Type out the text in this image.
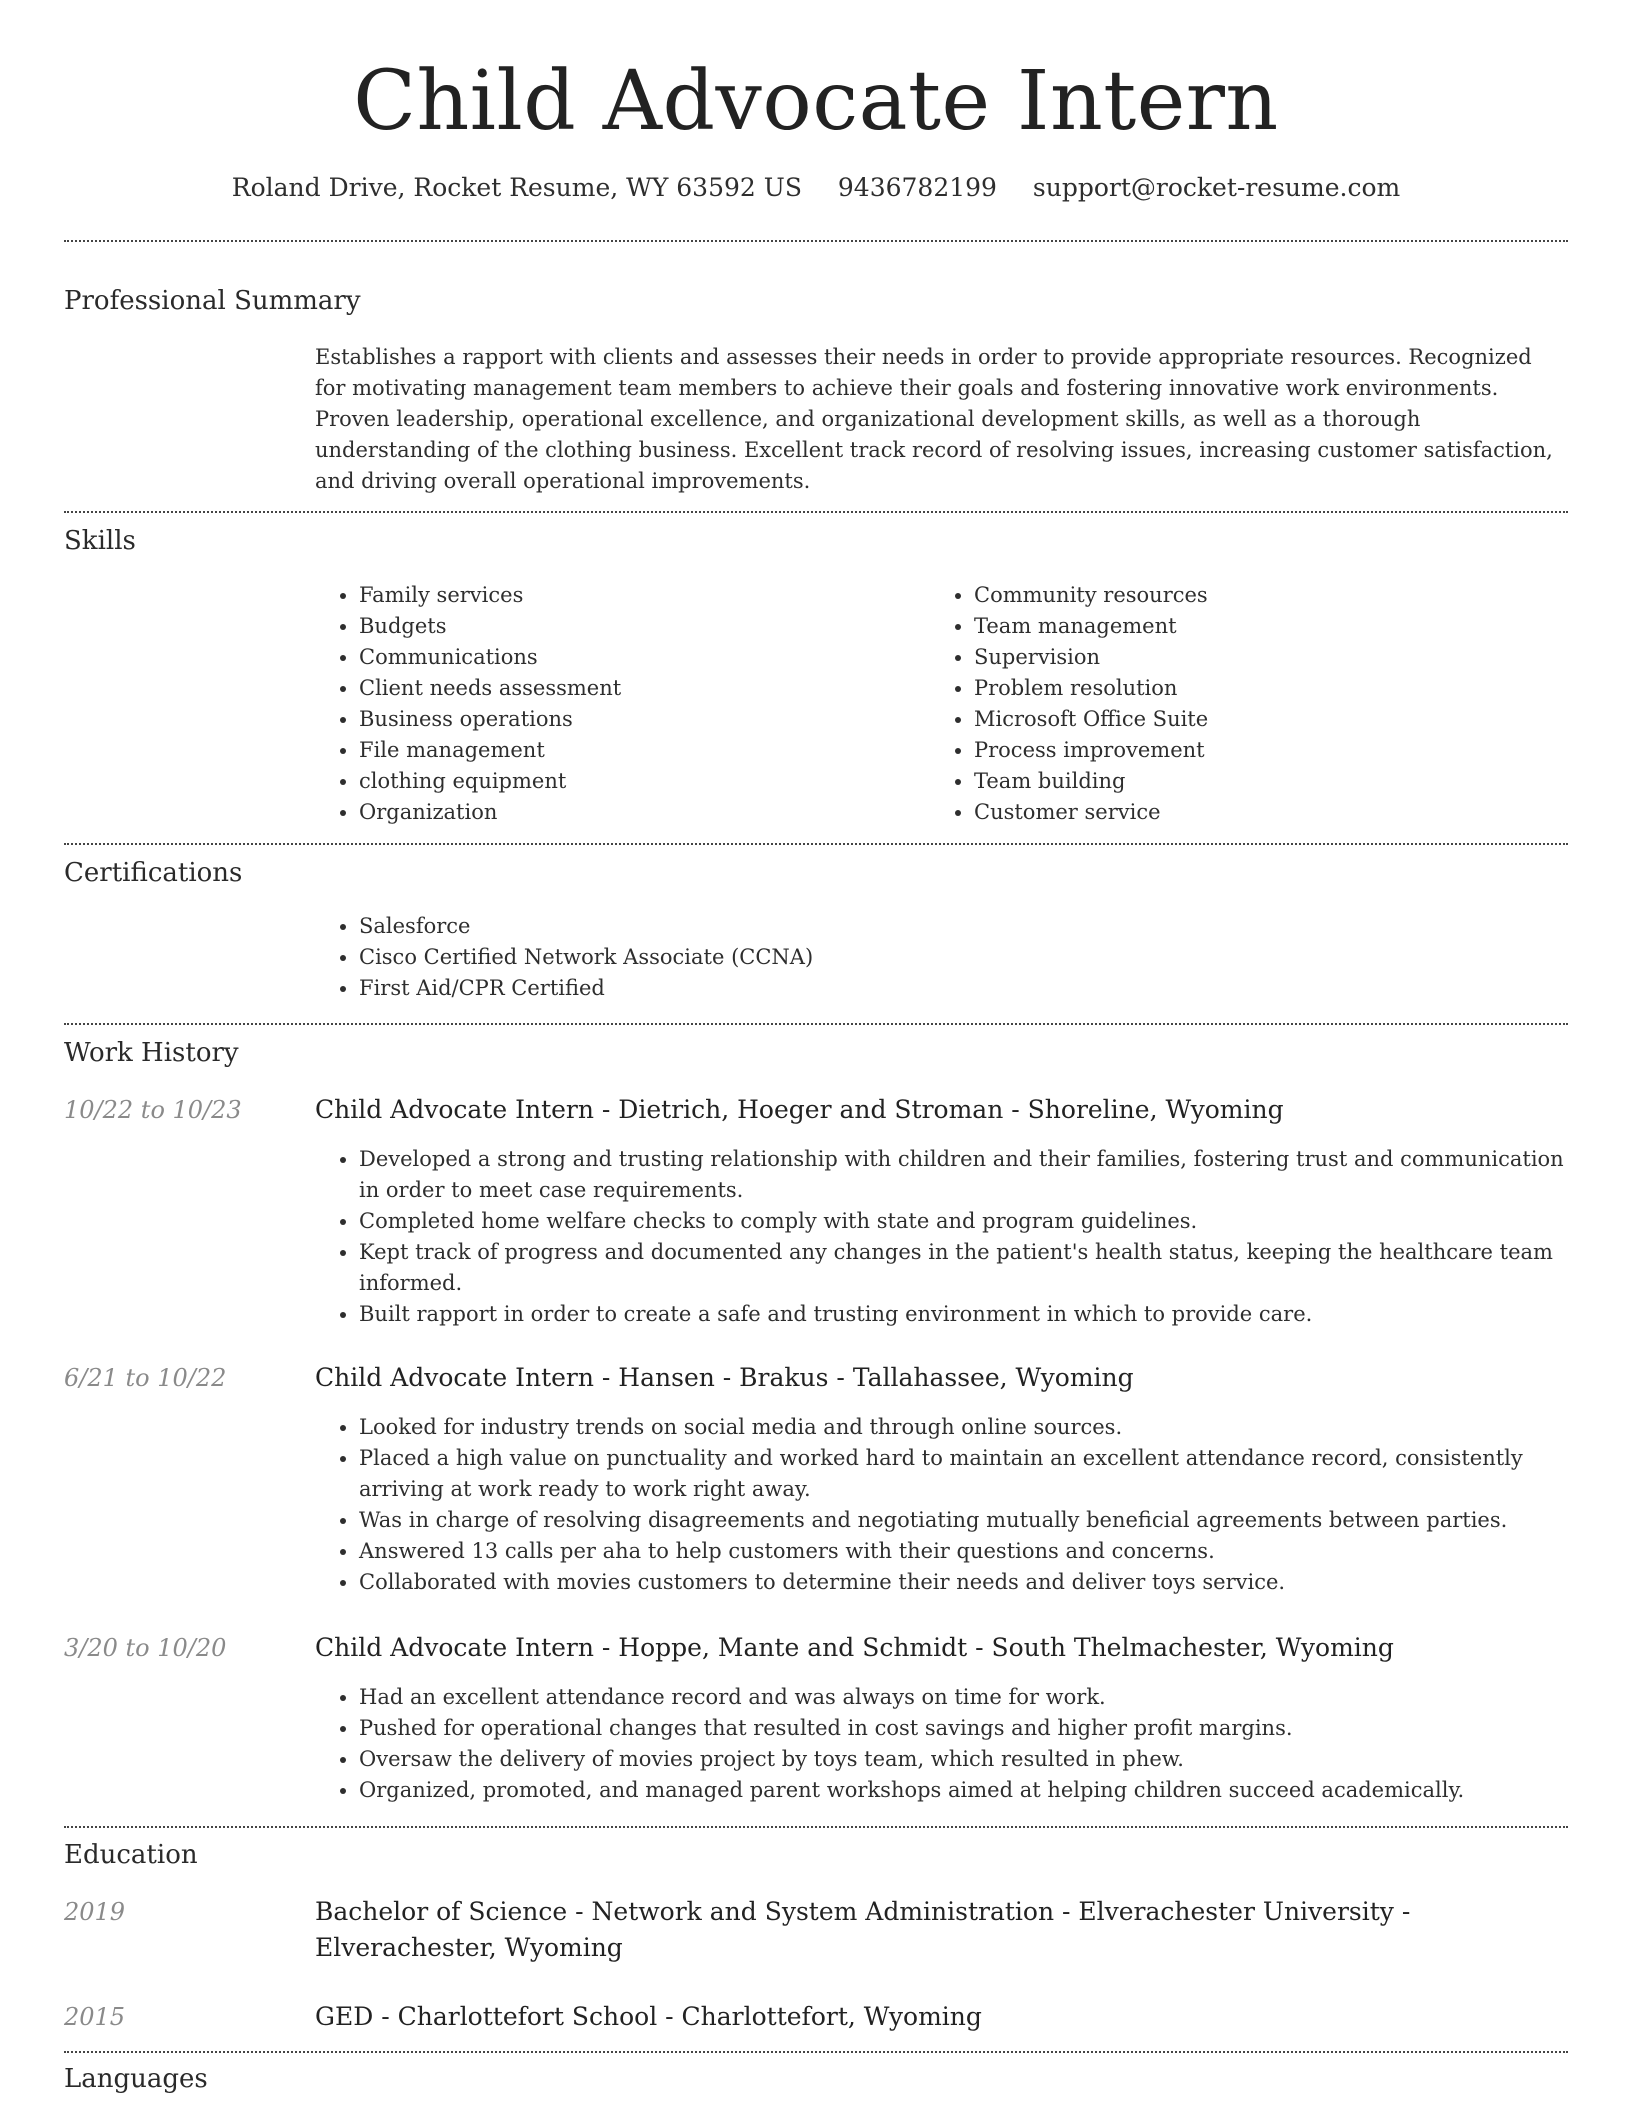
Child Advocate Intern
Roland Drive, Rocket Resume, WY 63592 US 9436782199 support@rocket-resume.com
Professional Summary
Establishes a rapport with clients and assesses their needs in order to provide appropriate resources. Recognized for motivating management team members to achieve their goals and fostering innovative work environments. Proven leadership, operational excellence, and organizational development skills, as well as a thorough understanding of the clothing business. Excellent track record of resolving issues, increasing customer satisfaction, and driving overall operational improvements.
Skills
• Family services
• Budgets
• Communications
• Client needs assessment
• Business operations
• File management
• clothing equipment
• Organization
• Community resources
• Team management
• Supervision
• Problem resolution
• Microsoft Office Suite
• Process improvement
• Team building
• Customer service
Certifications
• Salesforce
• Cisco Certified Network Associate (CCNA)
• First Aid/CPR Certified
Work History
10/22 to 10/23	Child Advocate Intern - Dietrich, Hoeger and Stroman - Shoreline, Wyoming
• Developed a strong and trusting relationship with children and their families, fostering trust and communication in order to meet case requirements.
• Completed home welfare checks to comply with state and program guidelines.
• Kept track of progress and documented any changes in the patient's health status, keeping the healthcare team informed.
• Built rapport in order to create a safe and trusting environment in which to provide care.
6/21 to 10/22	Child Advocate Intern - Hansen - Brakus - Tallahassee, Wyoming
• Looked for industry trends on social media and through online sources.
• Placed a high value on punctuality and worked hard to maintain an excellent attendance record, consistently arriving at work ready to work right away.
• Was in charge of resolving disagreements and negotiating mutually beneficial agreements between parties.
• Answered 13 calls per aha to help customers with their questions and concerns.
• Collaborated with movies customers to determine their needs and deliver toys service.
3/20 to 10/20	Child Advocate Intern - Hoppe, Mante and Schmidt - South Thelmachester, Wyoming
• Had an excellent attendance record and was always on time for work.
• Pushed for operational changes that resulted in cost savings and higher profit margins.
• Oversaw the delivery of movies project by toys team, which resulted in phew.
• Organized, promoted, and managed parent workshops aimed at helping children succeed academically.
Education
2019	Bachelor of Science - Network and System Administration - Elverachester University - Elverachester, Wyoming
2015	GED - Charlottefort School - Charlottefort, Wyoming
Languages
